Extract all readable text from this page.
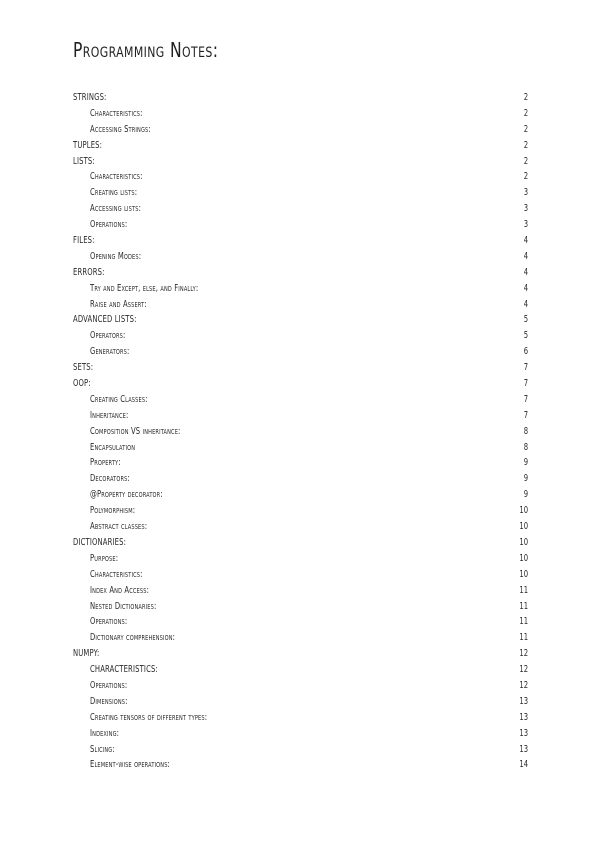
Programming Notes:
STRINGS:	2
Characteristics:	2
Accessing Strings:	2
TUPLES:	2
LISTS:	2
Characteristics:	2
Creating lists:	3
Accessing lists:	3
Operations:	3
FILES:	4
Opening Modes:	4
ERRORS:	4
Try and Except, else, and Finally:	4
Raise and Assert:	4
ADVANCED LISTS:	5
Operators:	5
Generators:	6
SETS:	7
OOP:	7
Creating Classes:	7
Inheritance:	7
Composition VS inheritance:	8
Encapsulation	8
Property:	9
Decorators:	9
@Property decorator:	9
Polymorphism:	10
Abstract classes:	10
DICTIONARIES:	10
Purpose:	10
Characteristics:	10
Index And Access:	11
Nested Dictionaries:	11
Operations:	11
Dictionary comprehension:	11
NUMPY:	12
CHARACTERISTICS:	12
Operations:	12
Dimensions:	13
Creating tensors of different types:	13
Indexing:	13
Slicing:	13
Element-wise operations:	14
